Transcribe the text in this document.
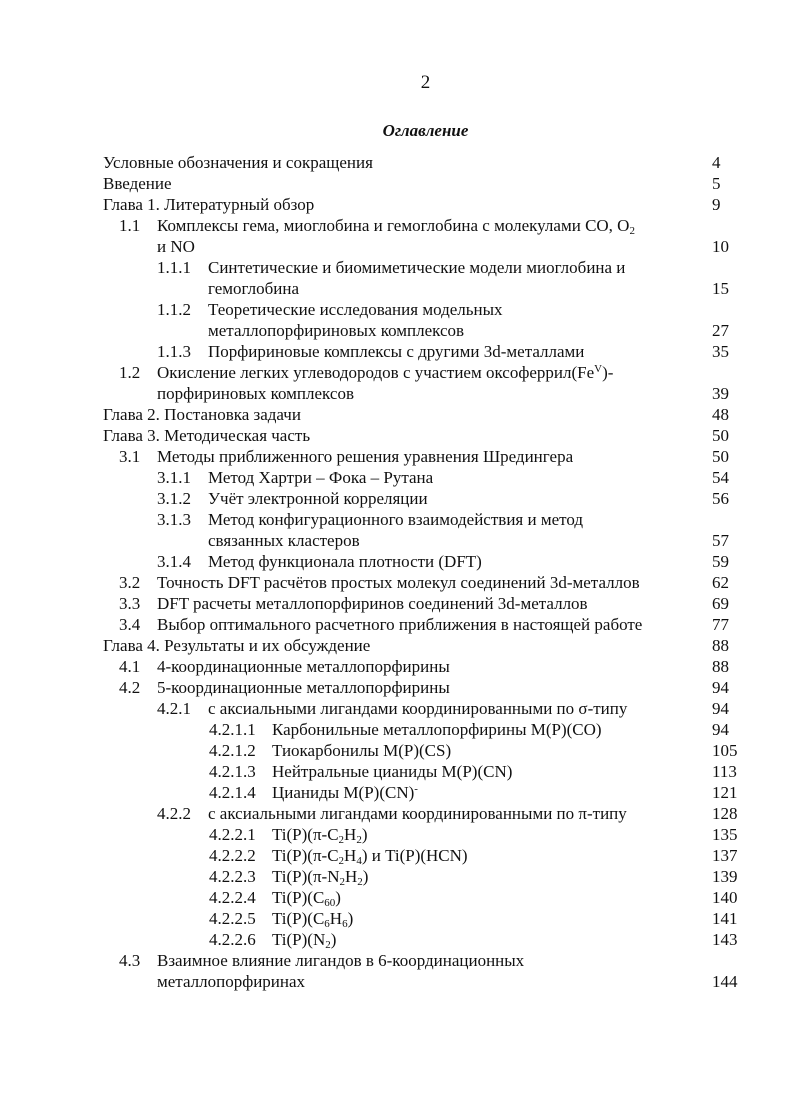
2
Оглавление
Условные обозначения и сокращения	4
Введение	5
Глава 1. Литературный обзор	9
1.1 Комплексы гема, миоглобина и гемоглобина с молекулами CO, $O_2$
и NO	10
1.1.1 Синтетические и биомиметические модели миоглобина и
гемоглобина	15
1.1.2 Теоретические исследования модельных
металлопорфириновых комплексов	27
1.1.3 Порфириновые комплексы с другими 3d-металлами	35
1.2 Окисление легких углеводородов с участием $оксоферрил(Fe^V)-$
порфириновых комплексов	39
Глава 2. Постановка задачи	48
Глава 3. Методическая часть	50
3.1 Методы приближенного решения уравнения Шредингера	50
3.1.1 Метод Хартри – Фока – Рутана	54
3.1.2 Учёт электронной корреляции	56
3.1.3 Метод конфигурационного взаимодействия и метод
связанных кластеров	57
3.1.4 Метод функционала плотности (DFT)	59
3.2 Точность DFT расчётов простых молекул соединений 3d-металлов	62
3.3 DFT расчеты металлопорфиринов соединений 3d-металлов	69
3.4 Выбор оптимального расчетного приближения в настоящей работе	77
Глава 4. Результаты и их обсуждение	88
4.1 4-координационные металлопорфирины	88
4.2 5-координационные металлопорфирины	94
4.2.1 с аксиальными лигандами координированными по σ-типу	94
4.2.1.1 Карбонильные металлопорфирины M(P)(CO)	94
4.2.1.2 Тиокарбонилы M(P)(CS)	105
4.2.1.3 Нейтральные цианиды M(P)(CN)	113
4.2.1.4 Цианиды M(P)(CN)-	121
4.2.2 с аксиальными лигандами координированными по π-типу	128
4.2.2.1 $Ti(P)(\pi-C_2H_2)$	135
4.2.2.2 $Ti(P)(\pi-C_2H_4)$ и Ti(P)(HCN)	137
4.2.2.3 $Ti(P)(\pi-N_2H_2)$	139
4.2.2.4 $Ti(P)(C_{60})$	140
4.2.2.5 $Ti(P)(C_6H_6)$	141
4.2.2.6 $Ti(P)(N_2)$	143
4.3 Взаимное влияние лигандов в 6-координационных
металлопорфиринах	144
